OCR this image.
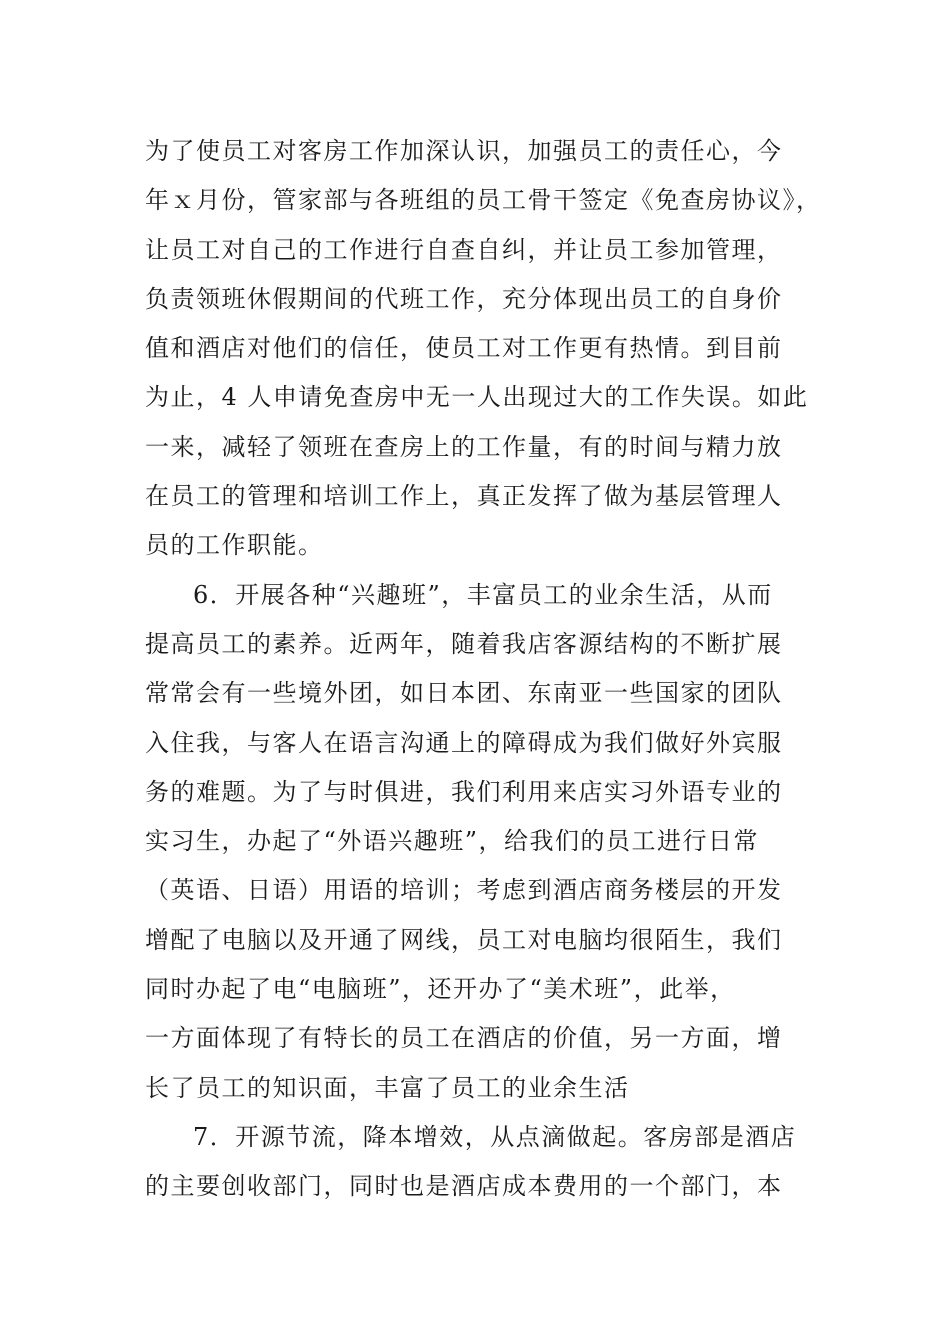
为了使员工对客房工作加深认识，加强员工的责任心，今
年ｘ月份，管家部与各班组的员工骨干签定《免查房协议》，
让员工对自己的工作进行自查自纠，并让员工参加管理，
负责领班休假期间的代班工作，充分体现出员工的自身价
值和酒店对他们的信任，使员工对工作更有热情。到目前
为止，4 人申请免查房中无一人出现过大的工作失误。如此
一来，减轻了领班在查房上的工作量，有的时间与精力放
在员工的管理和培训工作上，真正发挥了做为基层管理人
员的工作职能。
6．开展各种“兴趣班”，丰富员工的业余生活，从而
提高员工的素养。近两年，随着我店客源结构的不断扩展
常常会有一些境外团，如日本团、东南亚一些国家的团队
入住我，与客人在语言沟通上的障碍成为我们做好外宾服
务的难题。为了与时俱进，我们利用来店实习外语专业的
实习生，办起了“外语兴趣班”，给我们的员工进行日常
（英语、日语）用语的培训；考虑到酒店商务楼层的开发
增配了电脑以及开通了网线，员工对电脑均很陌生，我们
同时办起了电“电脑班”，还开办了“美术班”，此举，
一方面体现了有特长的员工在酒店的价值，另一方面，增
长了员工的知识面，丰富了员工的业余生活
7．开源节流，降本增效，从点滴做起。客房部是酒店
的主要创收部门，同时也是酒店成本费用的一个部门，本
